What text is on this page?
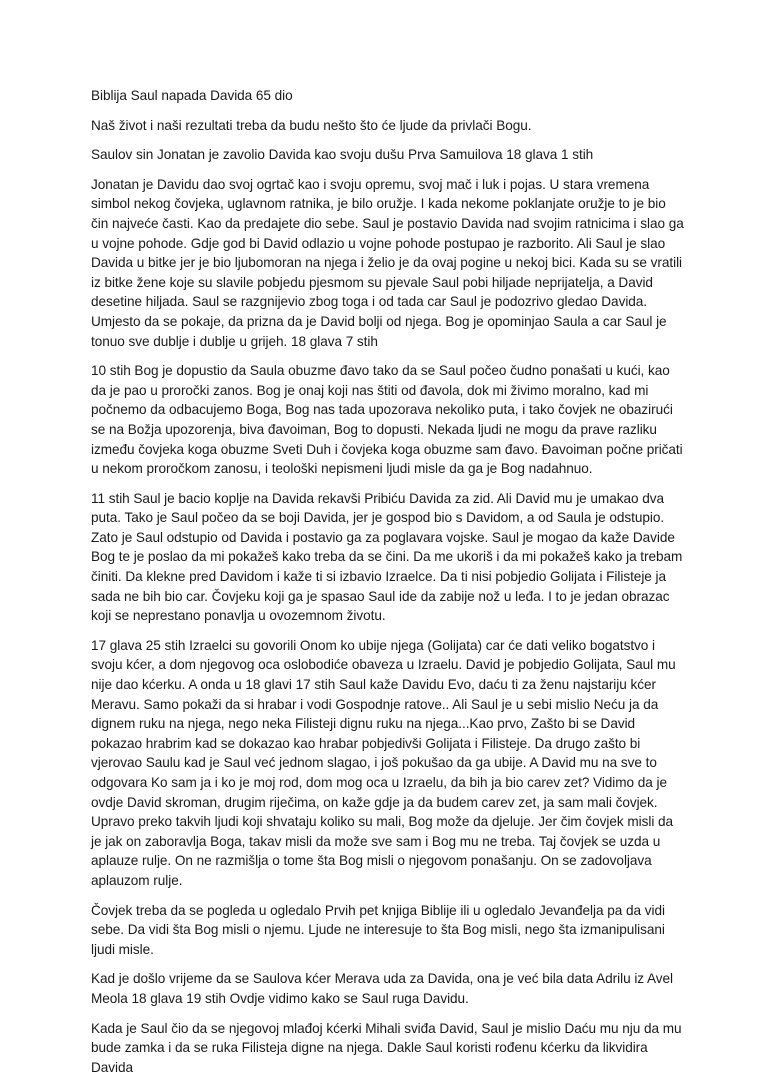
Biblija Saul napada Davida 65 dio

Naš život i naši rezultati treba da budu nešto što će ljude da privlači Bogu.

Saulov sin Jonatan je zavolio Davida kao svoju dušu Prva Samuilova 18 glava 1 stih

Jonatan je Davidu dao svoj ogrtač kao i svoju opremu, svoj mač i luk i pojas. U stara vremena simbol nekog čovjeka, uglavnom ratnika, je bilo oružje. I kada nekome poklanjate oružje to je bio čin najveće časti. Kao da predajete dio sebe. Saul je postavio Davida nad svojim ratnicima i slao ga u vojne pohode. Gdje god bi David odlazio u vojne pohode postupao je razborito. Ali Saul je slao Davida u bitke jer je bio ljubomoran na njega i želio je da ovaj pogine u nekoj bici. Kada su se vratili iz bitke žene koje su slavile pobjedu pjesmom su pjevale Saul pobi hiljade neprijatelja, a David desetine hiljada. Saul se razgnijevio zbog toga i od tada car Saul je podozrivo gledao Davida. Umjesto da se pokaje, da prizna da je David bolji od njega. Bog je opominjao Saula a car Saul je tonuo sve dublje i dublje u grijeh. 18 glava 7 stih

10 stih Bog je dopustio da Saula obuzme đavo tako da se Saul počeo čudno ponašati u kući, kao da je pao u proročki zanos. Bog je onaj koji nas štiti od đavola, dok mi živimo moralno, kad mi počnemo da odbacujemo Boga, Bog nas tada upozorava nekoliko puta, i tako čovjek ne obazirući se na Božja upozorenja, biva đavoiman, Bog to dopusti. Nekada ljudi ne mogu da prave razliku između čovjeka koga obuzme Sveti Duh i čovjeka koga obuzme sam đavo. Đavoiman počne pričati u nekom proročkom zanosu, i teološki nepismeni ljudi misle da ga je Bog nadahnuo.

11 stih Saul je bacio koplje na Davida rekavši Pribiću Davida za zid. Ali David mu je umakao dva puta. Tako je Saul počeo da se boji Davida, jer je gospod bio s Davidom, a od Saula je odstupio. Zato je Saul odstupio od Davida i postavio ga za poglavara vojske. Saul je mogao da kaže Davide Bog te je poslao da mi pokažeš kako treba da se čini. Da me ukoriš i da mi pokažeš kako ja trebam činiti. Da klekne pred Davidom i kaže ti si izbavio Izraelce. Da ti nisi pobjedio Golijata i Filisteje ja sada ne bih bio car. Čovjeku koji ga je spasao Saul ide da zabije nož u leđa. I to je jedan obrazac koji se neprestano ponavlja u ovozemnom životu.

17 glava 25 stih Izraelci su govorili Onom ko ubije njega (Golijata) car će dati veliko bogatstvo i svoju kćer, a dom njegovog oca oslobodiće obaveza u Izraelu. David je pobjedio Golijata, Saul mu nije dao kćerku. A onda u 18 glavi 17 stih Saul kaže Davidu Evo, daću ti za ženu najstariju kćer Meravu. Samo pokaži da si hrabar i vodi Gospodnje ratove.. Ali Saul je u sebi mislio Neću ja da dignem ruku na njega, nego neka Filisteji dignu ruku na njega...Kao prvo, Zašto bi se David pokazao hrabrim kad se dokazao kao hrabar pobjedivši Golijata i Filisteje. Da drugo zašto bi vjerovao Saulu kad je Saul već jednom slagao, i još pokušao da ga ubije. A David mu na sve to odgovara Ko sam ja i ko je moj rod, dom mog oca u Izraelu, da bih ja bio carev zet? Vidimo da je ovdje David skroman, drugim riječima, on kaže gdje ja da budem carev zet, ja sam mali čovjek. Upravo preko takvih ljudi koji shvataju koliko su mali, Bog može da djeluje. Jer čim čovjek misli da je jak on zaboravlja Boga, takav misli da može sve sam i Bog mu ne treba. Taj čovjek se uzda u aplauze rulje. On ne razmišlja o tome šta Bog misli o njegovom ponašanju. On se zadovoljava aplauzom rulje.

Čovjek treba da se pogleda u ogledalo Prvih pet knjiga Biblije ili u ogledalo Jevanđelja pa da vidi sebe. Da vidi šta Bog misli o njemu. Ljude ne interesuje to šta Bog misli, nego šta izmanipulisani ljudi misle.

Kad je došlo vrijeme da se Saulova kćer Merava uda za Davida, ona je već bila data Adrilu iz Avel Meola 18 glava 19 stih Ovdje vidimo kako se Saul ruga Davidu.

Kada je Saul čio da se njegovoj mlađoj kćerki Mihali sviđa David, Saul je mislio Daću mu nju da mu bude zamka i da se ruka Filisteja digne na njega. Dakle Saul koristi rođenu kćerku da likvidira Davida
